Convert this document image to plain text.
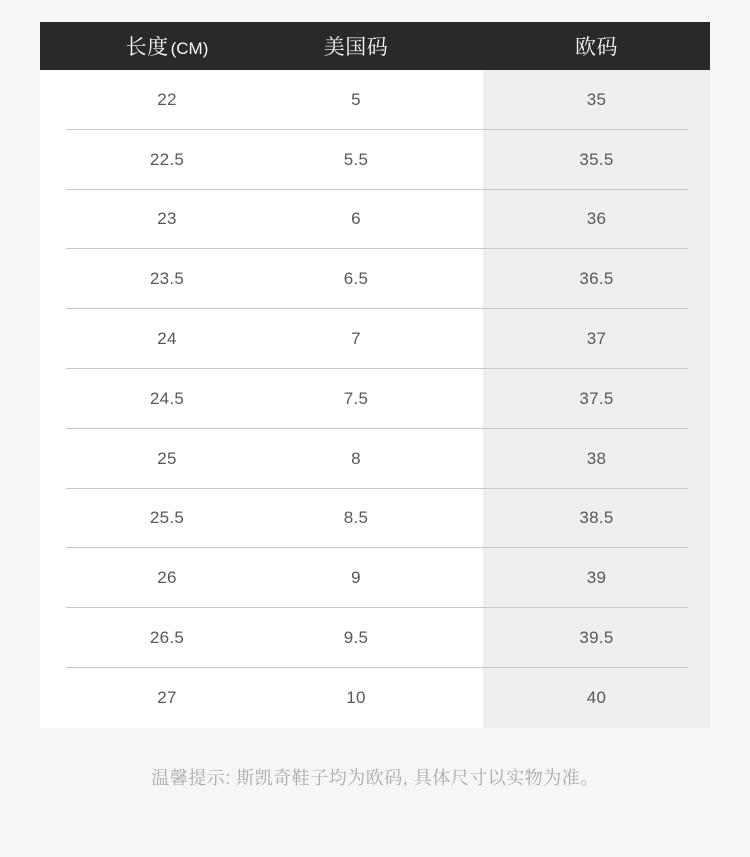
长度 (CM)	美国码	欧码
22	5	35
22.5	5.5	35.5
23	6	36
23.5	6.5	36.5
24	7	37
24.5	7.5	37.5
25	8	38
25.5	8.5	38.5
26	9	39
26.5	9.5	39.5
27	10	40
温馨提示: 斯凯奇鞋子均为欧码, 具体尺寸以实物为准。
